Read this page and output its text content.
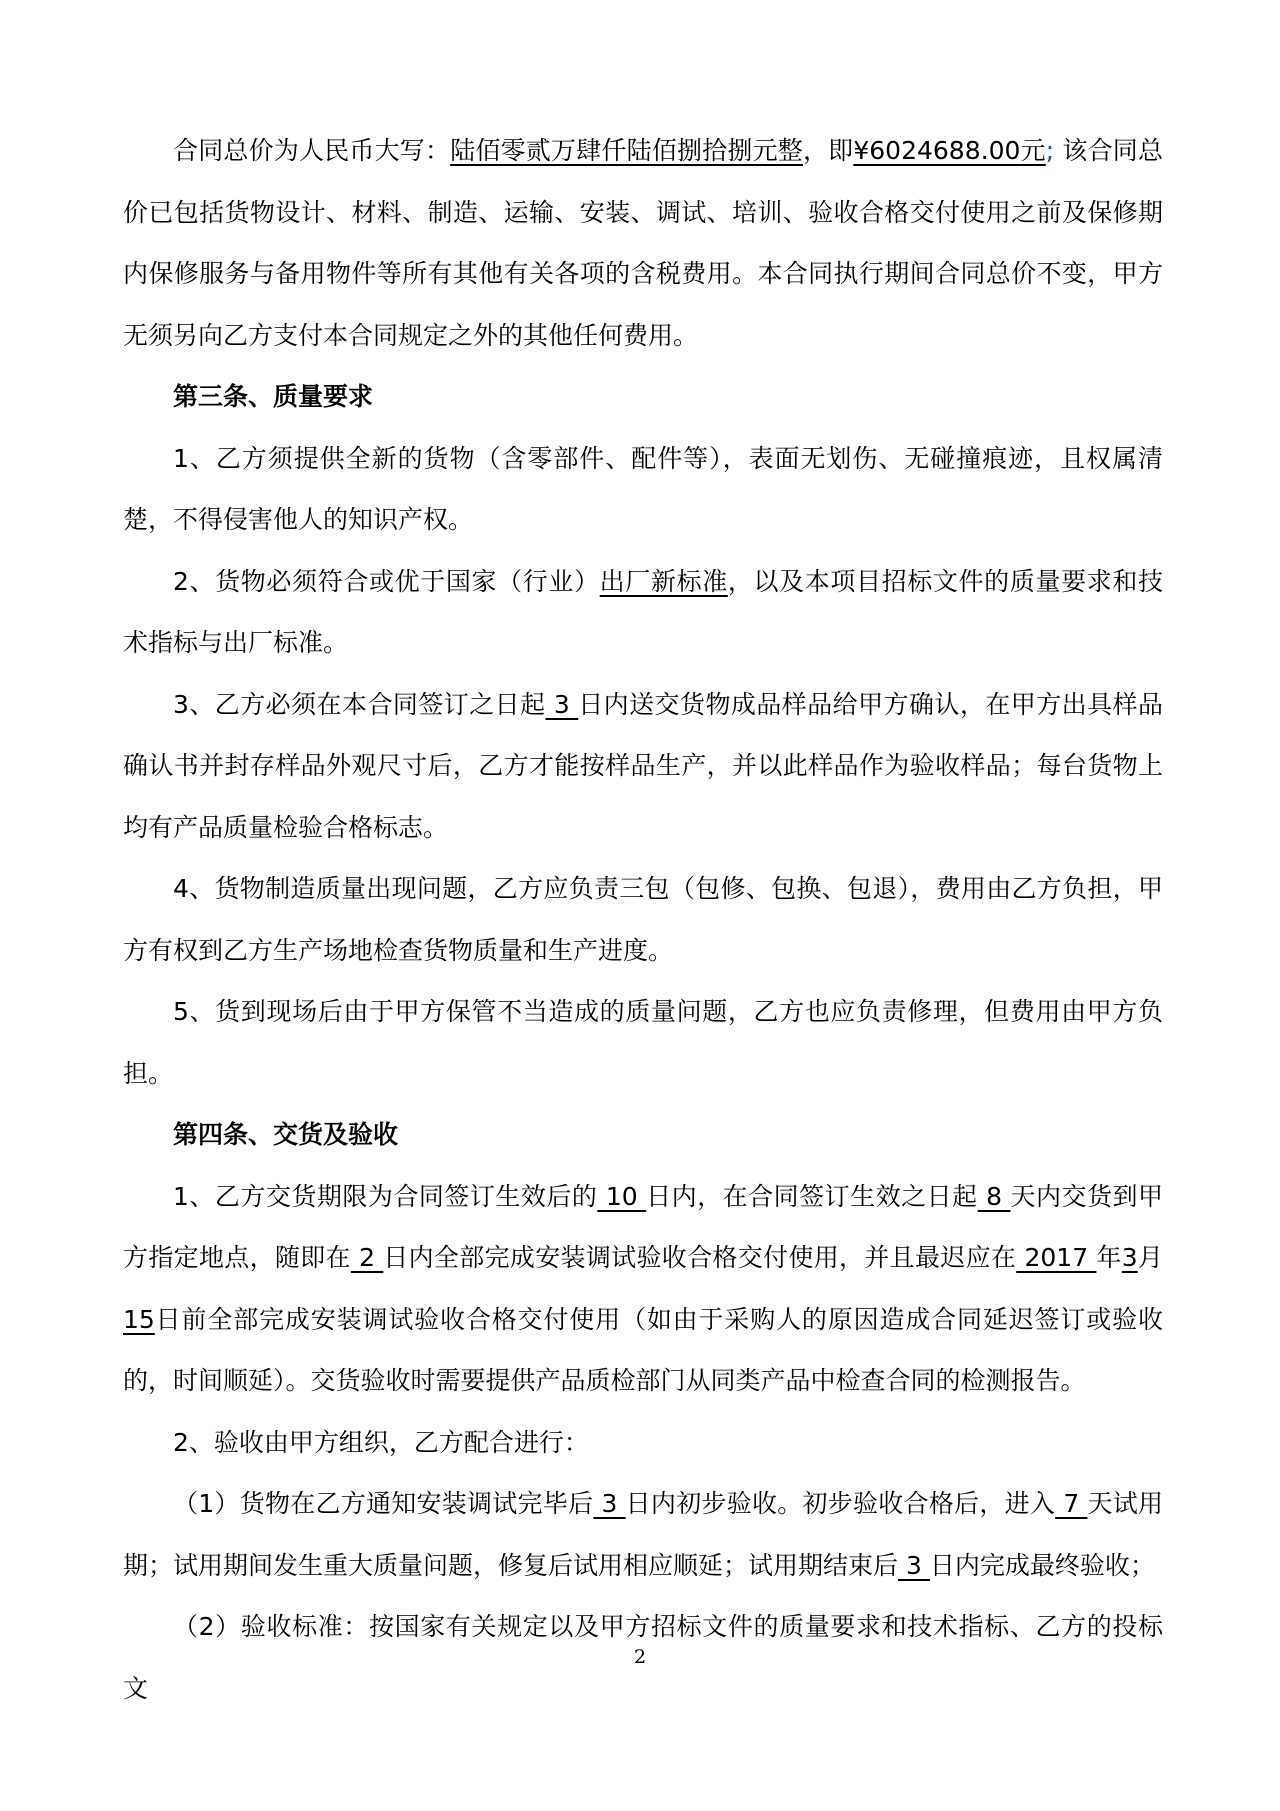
合同总价为人民币大写：陆佰零贰万肆仟陆佰捌拾捌元整，即¥6024688.00元; 该合同总价已包括货物设计、材料、制造、运输、安装、调试、培训、验收合格交付使用之前及保修期内保修服务与备用物件等所有其他有关各项的含税费用。本合同执行期间合同总价不变，甲方无须另向乙方支付本合同规定之外的其他任何费用。

第三条、质量要求

1、乙方须提供全新的货物（含零部件、配件等），表面无划伤、无碰撞痕迹，且权属清楚，不得侵害他人的知识产权。

2、货物必须符合或优于国家（行业）出厂新标准，以及本项目招标文件的质量要求和技术指标与出厂标准。

3、乙方必须在本合同签订之日起 3 日内送交货物成品样品给甲方确认，在甲方出具样品确认书并封存样品外观尺寸后，乙方才能按样品生产，并以此样品作为验收样品；每台货物上均有产品质量检验合格标志。

4、货物制造质量出现问题，乙方应负责三包（包修、包换、包退），费用由乙方负担，甲方有权到乙方生产场地检查货物质量和生产进度。

5、货到现场后由于甲方保管不当造成的质量问题，乙方也应负责修理，但费用由甲方负担。

第四条、交货及验收

1、乙方交货期限为合同签订生效后的 10 日内，在合同签订生效之日起 8 天内交货到甲方指定地点，随即在 2 日内全部完成安装调试验收合格交付使用，并且最迟应在 2017 年3月15日前全部完成安装调试验收合格交付使用（如由于采购人的原因造成合同延迟签订或验收的，时间顺延）。交货验收时需要提供产品质检部门从同类产品中检查合同的检测报告。

2、验收由甲方组织，乙方配合进行：

（1）货物在乙方通知安装调试完毕后 3 日内初步验收。初步验收合格后，进入 7 天试用期；试用期间发生重大质量问题，修复后试用相应顺延；试用期结束后 3 日内完成最终验收；

（2）验收标准：按国家有关规定以及甲方招标文件的质量要求和技术指标、乙方的投标文

2
